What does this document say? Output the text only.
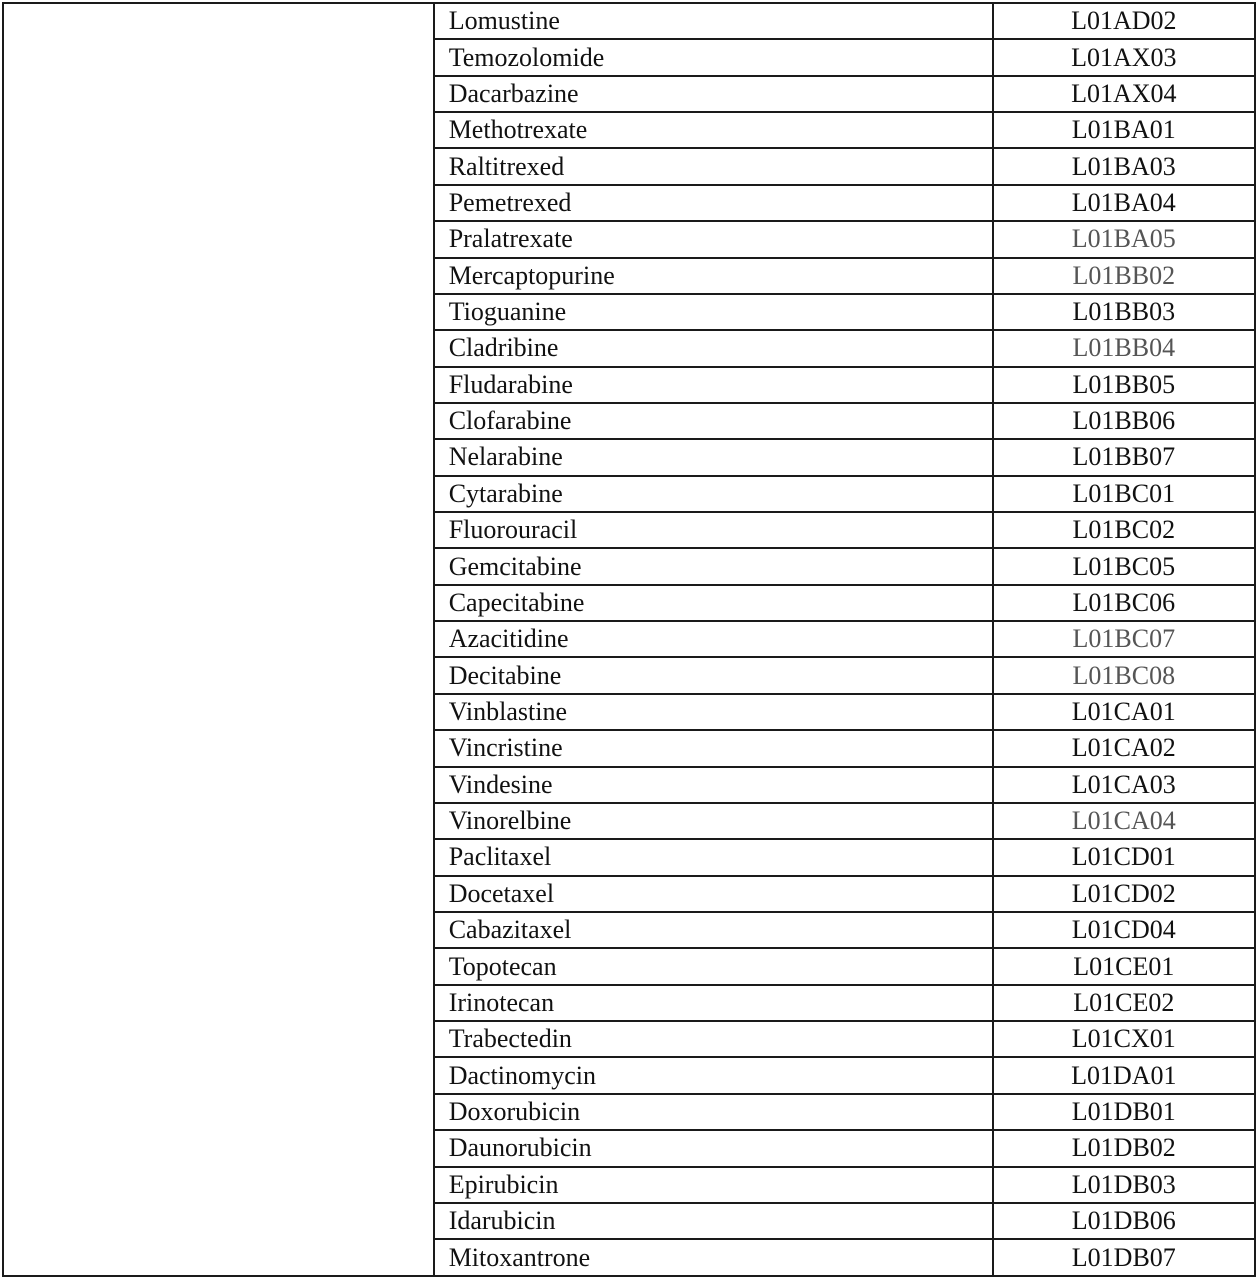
	Lomustine	L01AD02
	Temozolomide	L01AX03
	Dacarbazine	L01AX04
	Methotrexate	L01BA01
	Raltitrexed	L01BA03
	Pemetrexed	L01BA04
	Pralatrexate	L01BA05
	Mercaptopurine	L01BB02
	Tioguanine	L01BB03
	Cladribine	L01BB04
	Fludarabine	L01BB05
	Clofarabine	L01BB06
	Nelarabine	L01BB07
	Cytarabine	L01BC01
	Fluorouracil	L01BC02
	Gemcitabine	L01BC05
	Capecitabine	L01BC06
	Azacitidine	L01BC07
	Decitabine	L01BC08
	Vinblastine	L01CA01
	Vincristine	L01CA02
	Vindesine	L01CA03
	Vinorelbine	L01CA04
	Paclitaxel	L01CD01
	Docetaxel	L01CD02
	Cabazitaxel	L01CD04
	Topotecan	L01CE01
	Irinotecan	L01CE02
	Trabectedin	L01CX01
	Dactinomycin	L01DA01
	Doxorubicin	L01DB01
	Daunorubicin	L01DB02
	Epirubicin	L01DB03
	Idarubicin	L01DB06
	Mitoxantrone	L01DB07
